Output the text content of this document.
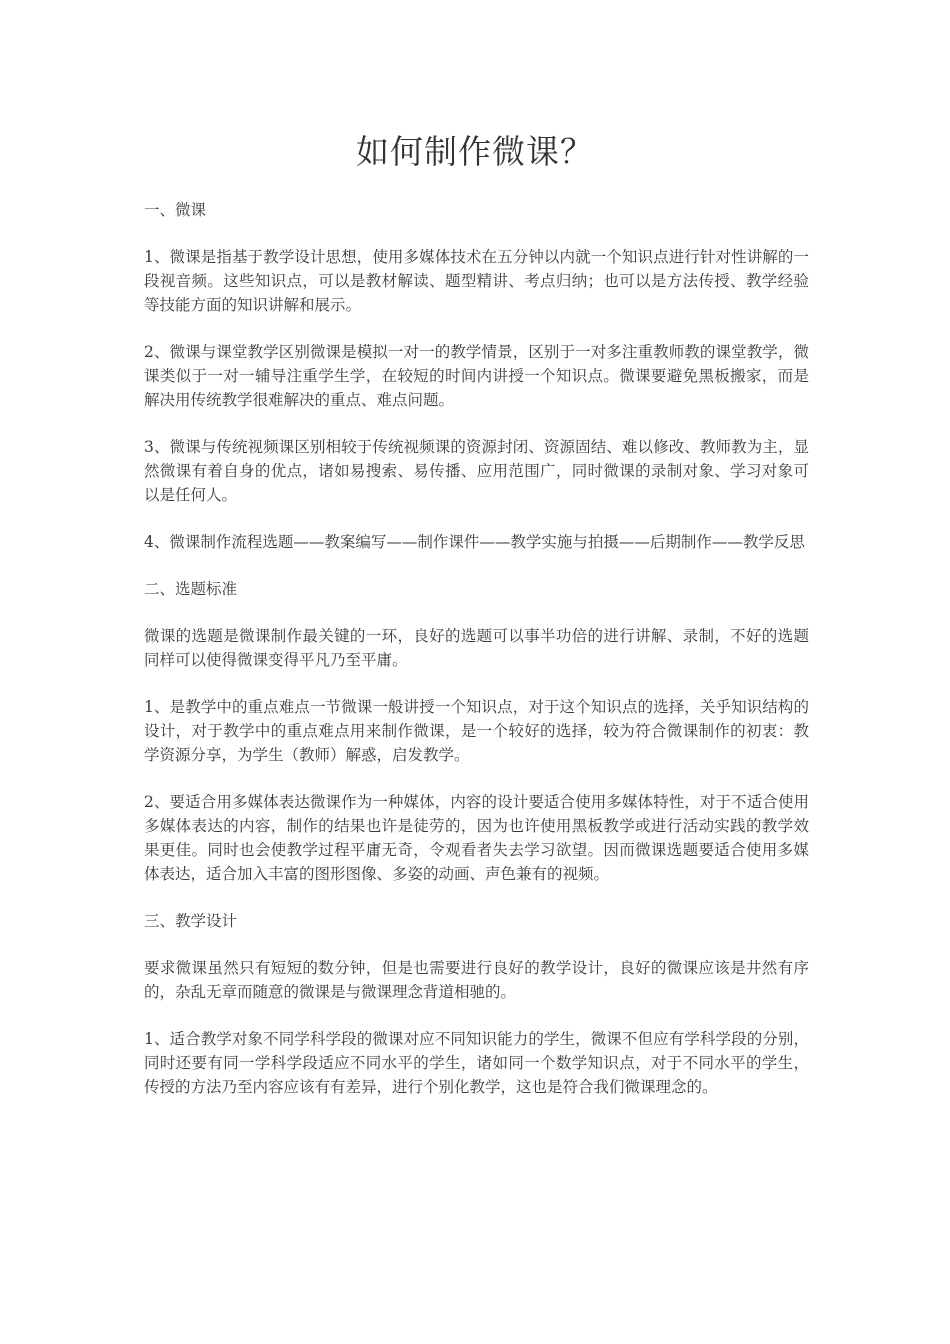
如何制作微课？

一、微课

1、微课是指基于教学设计思想，使用多媒体技术在五分钟以内就一个知识点进行针对性讲解的一段视音频。这些知识点，可以是教材解读、题型精讲、考点归纳；也可以是方法传授、教学经验等技能方面的知识讲解和展示。

2、微课与课堂教学区别微课是模拟一对一的教学情景，区别于一对多注重教师教的课堂教学，微课类似于一对一辅导注重学生学，在较短的时间内讲授一个知识点。微课要避免黑板搬家，而是解决用传统教学很难解决的重点、难点问题。

3、微课与传统视频课区别相较于传统视频课的资源封闭、资源固结、难以修改、教师教为主，显然微课有着自身的优点，诸如易搜索、易传播、应用范围广，同时微课的录制对象、学习对象可以是任何人。

4、微课制作流程选题——教案编写——制作课件——教学实施与拍摄——后期制作——教学反思

二、选题标准

微课的选题是微课制作最关键的一环，良好的选题可以事半功倍的进行讲解、录制，不好的选题同样可以使得微课变得平凡乃至平庸。

1、是教学中的重点难点一节微课一般讲授一个知识点，对于这个知识点的选择，关乎知识结构的设计，对于教学中的重点难点用来制作微课，是一个较好的选择，较为符合微课制作的初衷：教学资源分享，为学生（教师）解惑，启发教学。

2、要适合用多媒体表达微课作为一种媒体，内容的设计要适合使用多媒体特性，对于不适合使用多媒体表达的内容，制作的结果也许是徒劳的，因为也许使用黑板教学或进行活动实践的教学效果更佳。同时也会使教学过程平庸无奇，令观看者失去学习欲望。因而微课选题要适合使用多媒体表达，适合加入丰富的图形图像、多姿的动画、声色兼有的视频。

三、教学设计

要求微课虽然只有短短的数分钟，但是也需要进行良好的教学设计，良好的微课应该是井然有序的，杂乱无章而随意的微课是与微课理念背道相驰的。

1、适合教学对象不同学科学段的微课对应不同知识能力的学生，微课不但应有学科学段的分别，同时还要有同一学科学段适应不同水平的学生，诸如同一个数学知识点，对于不同水平的学生，传授的方法乃至内容应该有有差异，进行个别化教学，这也是符合我们微课理念的。
